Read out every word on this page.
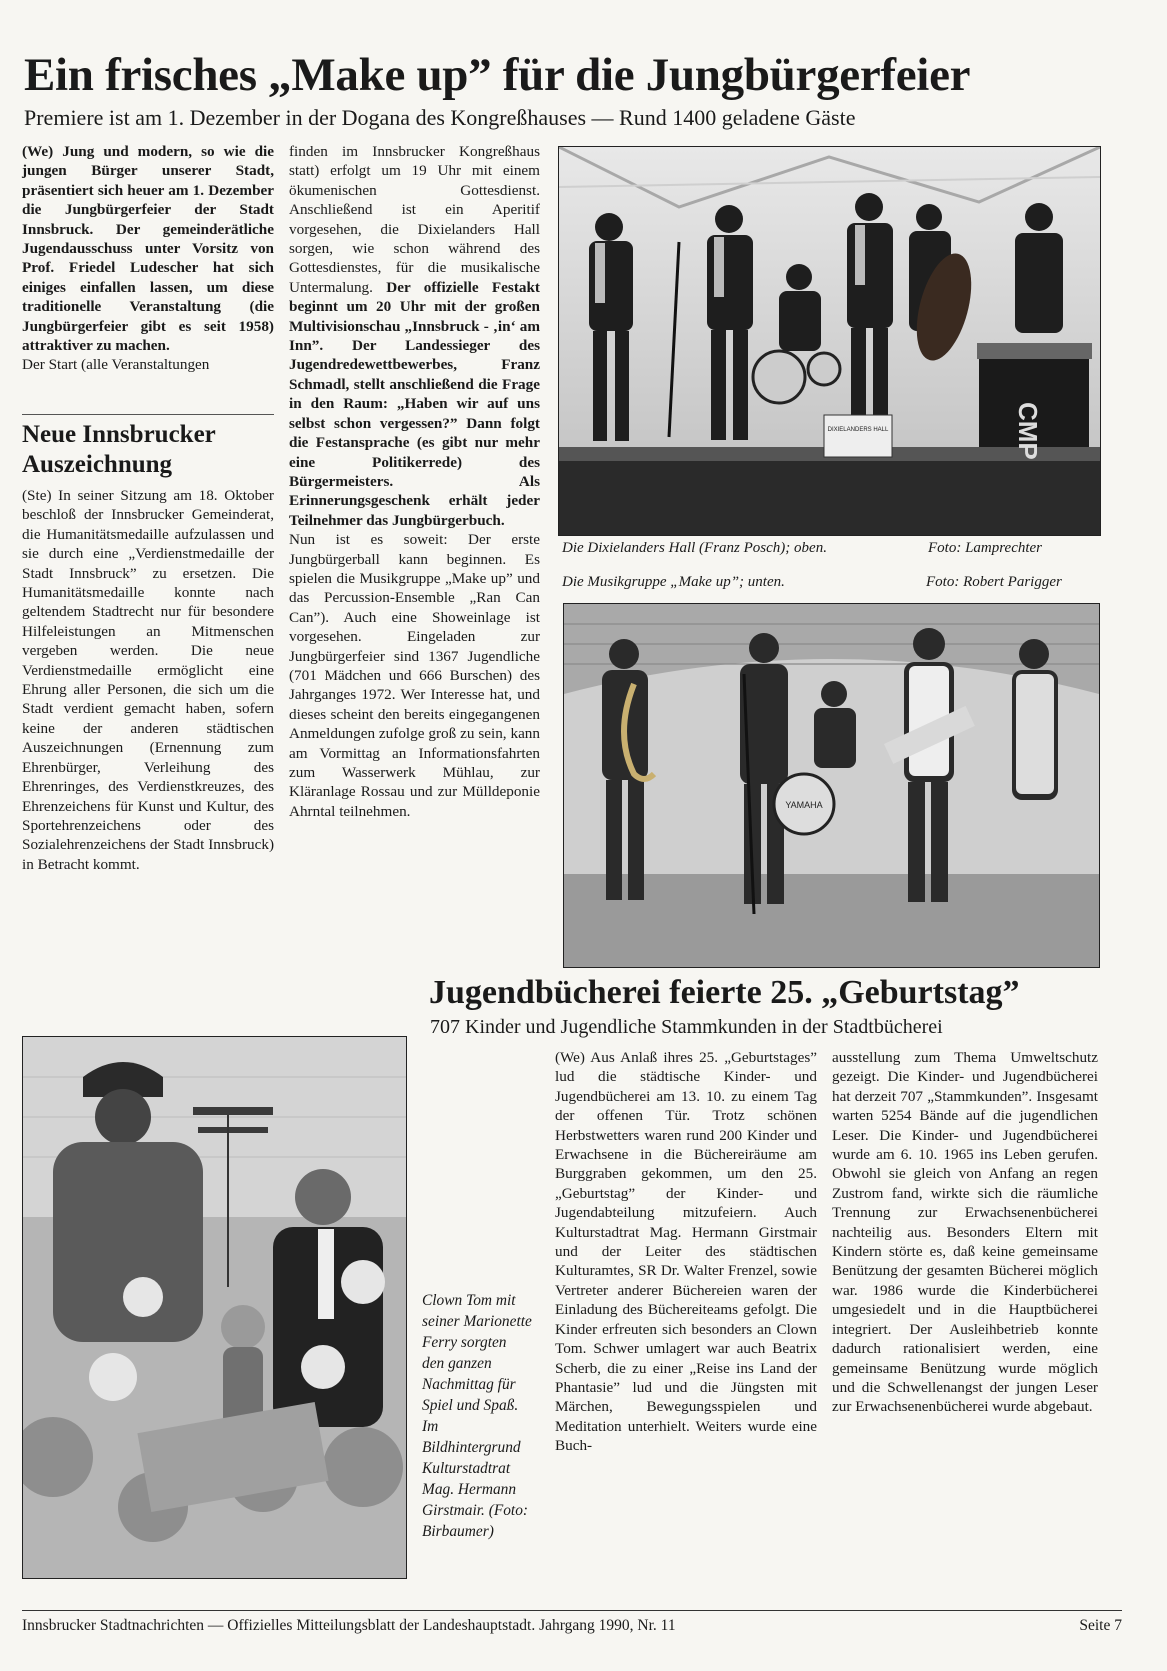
Ein frisches „Make up” für die Jungbürgerfeier
Premiere ist am 1. Dezember in der Dogana des Kongreßhauses — Rund 1400 geladene Gäste

(We) Jung und modern, so wie die jungen Bürger unserer Stadt, präsentiert sich heuer am 1. Dezember die Jungbürgerfeier der Stadt Innsbruck. Der gemeinderätliche Jugendausschuss unter Vorsitz von Prof. Friedel Ludescher hat sich einiges einfallen lassen, um diese traditionelle Veranstaltung (die Jungbürgerfeier gibt es seit 1958) attraktiver zu machen.

Der Start (alle Veranstaltungen

Neue Innsbrucker Auszeichnung
(Ste) In seiner Sitzung am 18. Oktober beschloß der Innsbrucker Gemeinderat, die Humanitätsmedaille aufzulassen und sie durch eine „Verdienstmedaille der Stadt Innsbruck” zu ersetzen. Die Humanitätsmedaille konnte nach geltendem Stadtrecht nur für besondere Hilfeleistungen an Mitmenschen vergeben werden. Die neue Verdienstmedaille ermöglicht eine Ehrung aller Personen, die sich um die Stadt verdient gemacht haben, sofern keine der anderen städtischen Auszeichnungen (Ernennung zum Ehrenbürger, Verleihung des Ehrenringes, des Verdienstkreuzes, des Ehrenzeichens für Kunst und Kultur, des Sportehrenzeichens oder des Sozialehrenzeichens der Stadt Innsbruck) in Betracht kommt.

finden im Innsbrucker Kongreßhaus statt) erfolgt um 19 Uhr mit einem ökumenischen Gottesdienst. Anschließend ist ein Aperitif vorgesehen, die Dixielanders Hall sorgen, wie schon während des Gottesdienstes, für die musikalische Untermalung. Der offizielle Festakt beginnt um 20 Uhr mit der großen Multivisionschau „Innsbruck - ‚in‘ am Inn”. Der Landessieger des Jugendredewettbewerbes, Franz Schmadl, stellt anschließend die Frage in den Raum: „Haben wir auf uns selbst schon vergessen?” Dann folgt die Festansprache (es gibt nur mehr eine Politikerrede) des Bürgermeisters. Als Erinnerungsgeschenk erhält jeder Teilnehmer das Jungbürgerbuch.

Nun ist es soweit: Der erste Jungbürgerball kann beginnen. Es spielen die Musikgruppe „Make up” und das Percussion-Ensemble „Ran Can Can”). Auch eine Showeinlage ist vorgesehen. Eingeladen zur Jungbürgerfeier sind 1367 Jugendliche (701 Mädchen und 666 Burschen) des Jahrganges 1972. Wer Interesse hat, und dieses scheint den bereits eingegangenen Anmeldungen zufolge groß zu sein, kann am Vormittag an Informationsfahrten zum Wasserwerk Mühlau, zur Kläranlage Rossau und zur Mülldeponie Ahrntal teilnehmen.

CMP
DIXIELANDERS HALL
Die Dixielanders Hall (Franz Posch); oben.	Foto: Lamprechter
Die Musikgruppe „Make up”; unten.	Foto: Robert Parigger
YAMAHA
Jugendbücherei feierte 25. „Geburtstag”
707 Kinder und Jugendliche Stammkunden in der Stadtbücherei
Clown Tom mit seiner Marionette Ferry sorgten den ganzen Nachmittag für Spiel und Spaß. Im Bildhintergrund Kulturstadtrat Mag. Hermann Girstmair. (Foto: Birbaumer)
(We) Aus Anlaß ihres 25. „Geburtstages” lud die städtische Kinder- und Jugendbücherei am 13. 10. zu einem Tag der offenen Tür. Trotz schönen Herbstwetters waren rund 200 Kinder und Erwachsene in die Büchereiräume am Burggraben gekommen, um den 25. „Geburtstag” der Kinder- und Jugendabteilung mitzufeiern. Auch Kulturstadtrat Mag. Hermann Girstmair und der Leiter des städtischen Kulturamtes, SR Dr. Walter Frenzel, sowie Vertreter anderer Büchereien waren der Einladung des Büchereiteams gefolgt. Die Kinder erfreuten sich besonders an Clown Tom. Schwer umlagert war auch Beatrix Scherb, die zu einer „Reise ins Land der Phantasie” lud und die Jüngsten mit Märchen, Bewegungsspielen und Meditation unterhielt. Weiters wurde eine Buch-
ausstellung zum Thema Umweltschutz gezeigt. Die Kinder- und Jugendbücherei hat derzeit 707 „Stammkunden”. Insgesamt warten 5254 Bände auf die jugendlichen Leser. Die Kinder- und Jugendbücherei wurde am 6. 10. 1965 ins Leben gerufen. Obwohl sie gleich von Anfang an regen Zustrom fand, wirkte sich die räumliche Trennung zur Erwachsenenbücherei nachteilig aus. Besonders Eltern mit Kindern störte es, daß keine gemeinsame Benützung der gesamten Bücherei möglich war. 1986 wurde die Kinderbücherei umgesiedelt und in die Hauptbücherei integriert. Der Ausleihbetrieb konnte dadurch rationalisiert werden, eine gemeinsame Benützung wurde möglich und die Schwellenangst der jungen Leser zur Erwachsenenbücherei wurde abgebaut.
Innsbrucker Stadtnachrichten — Offizielles Mitteilungsblatt der Landeshauptstadt. Jahrgang 1990, Nr. 11	Seite 7
